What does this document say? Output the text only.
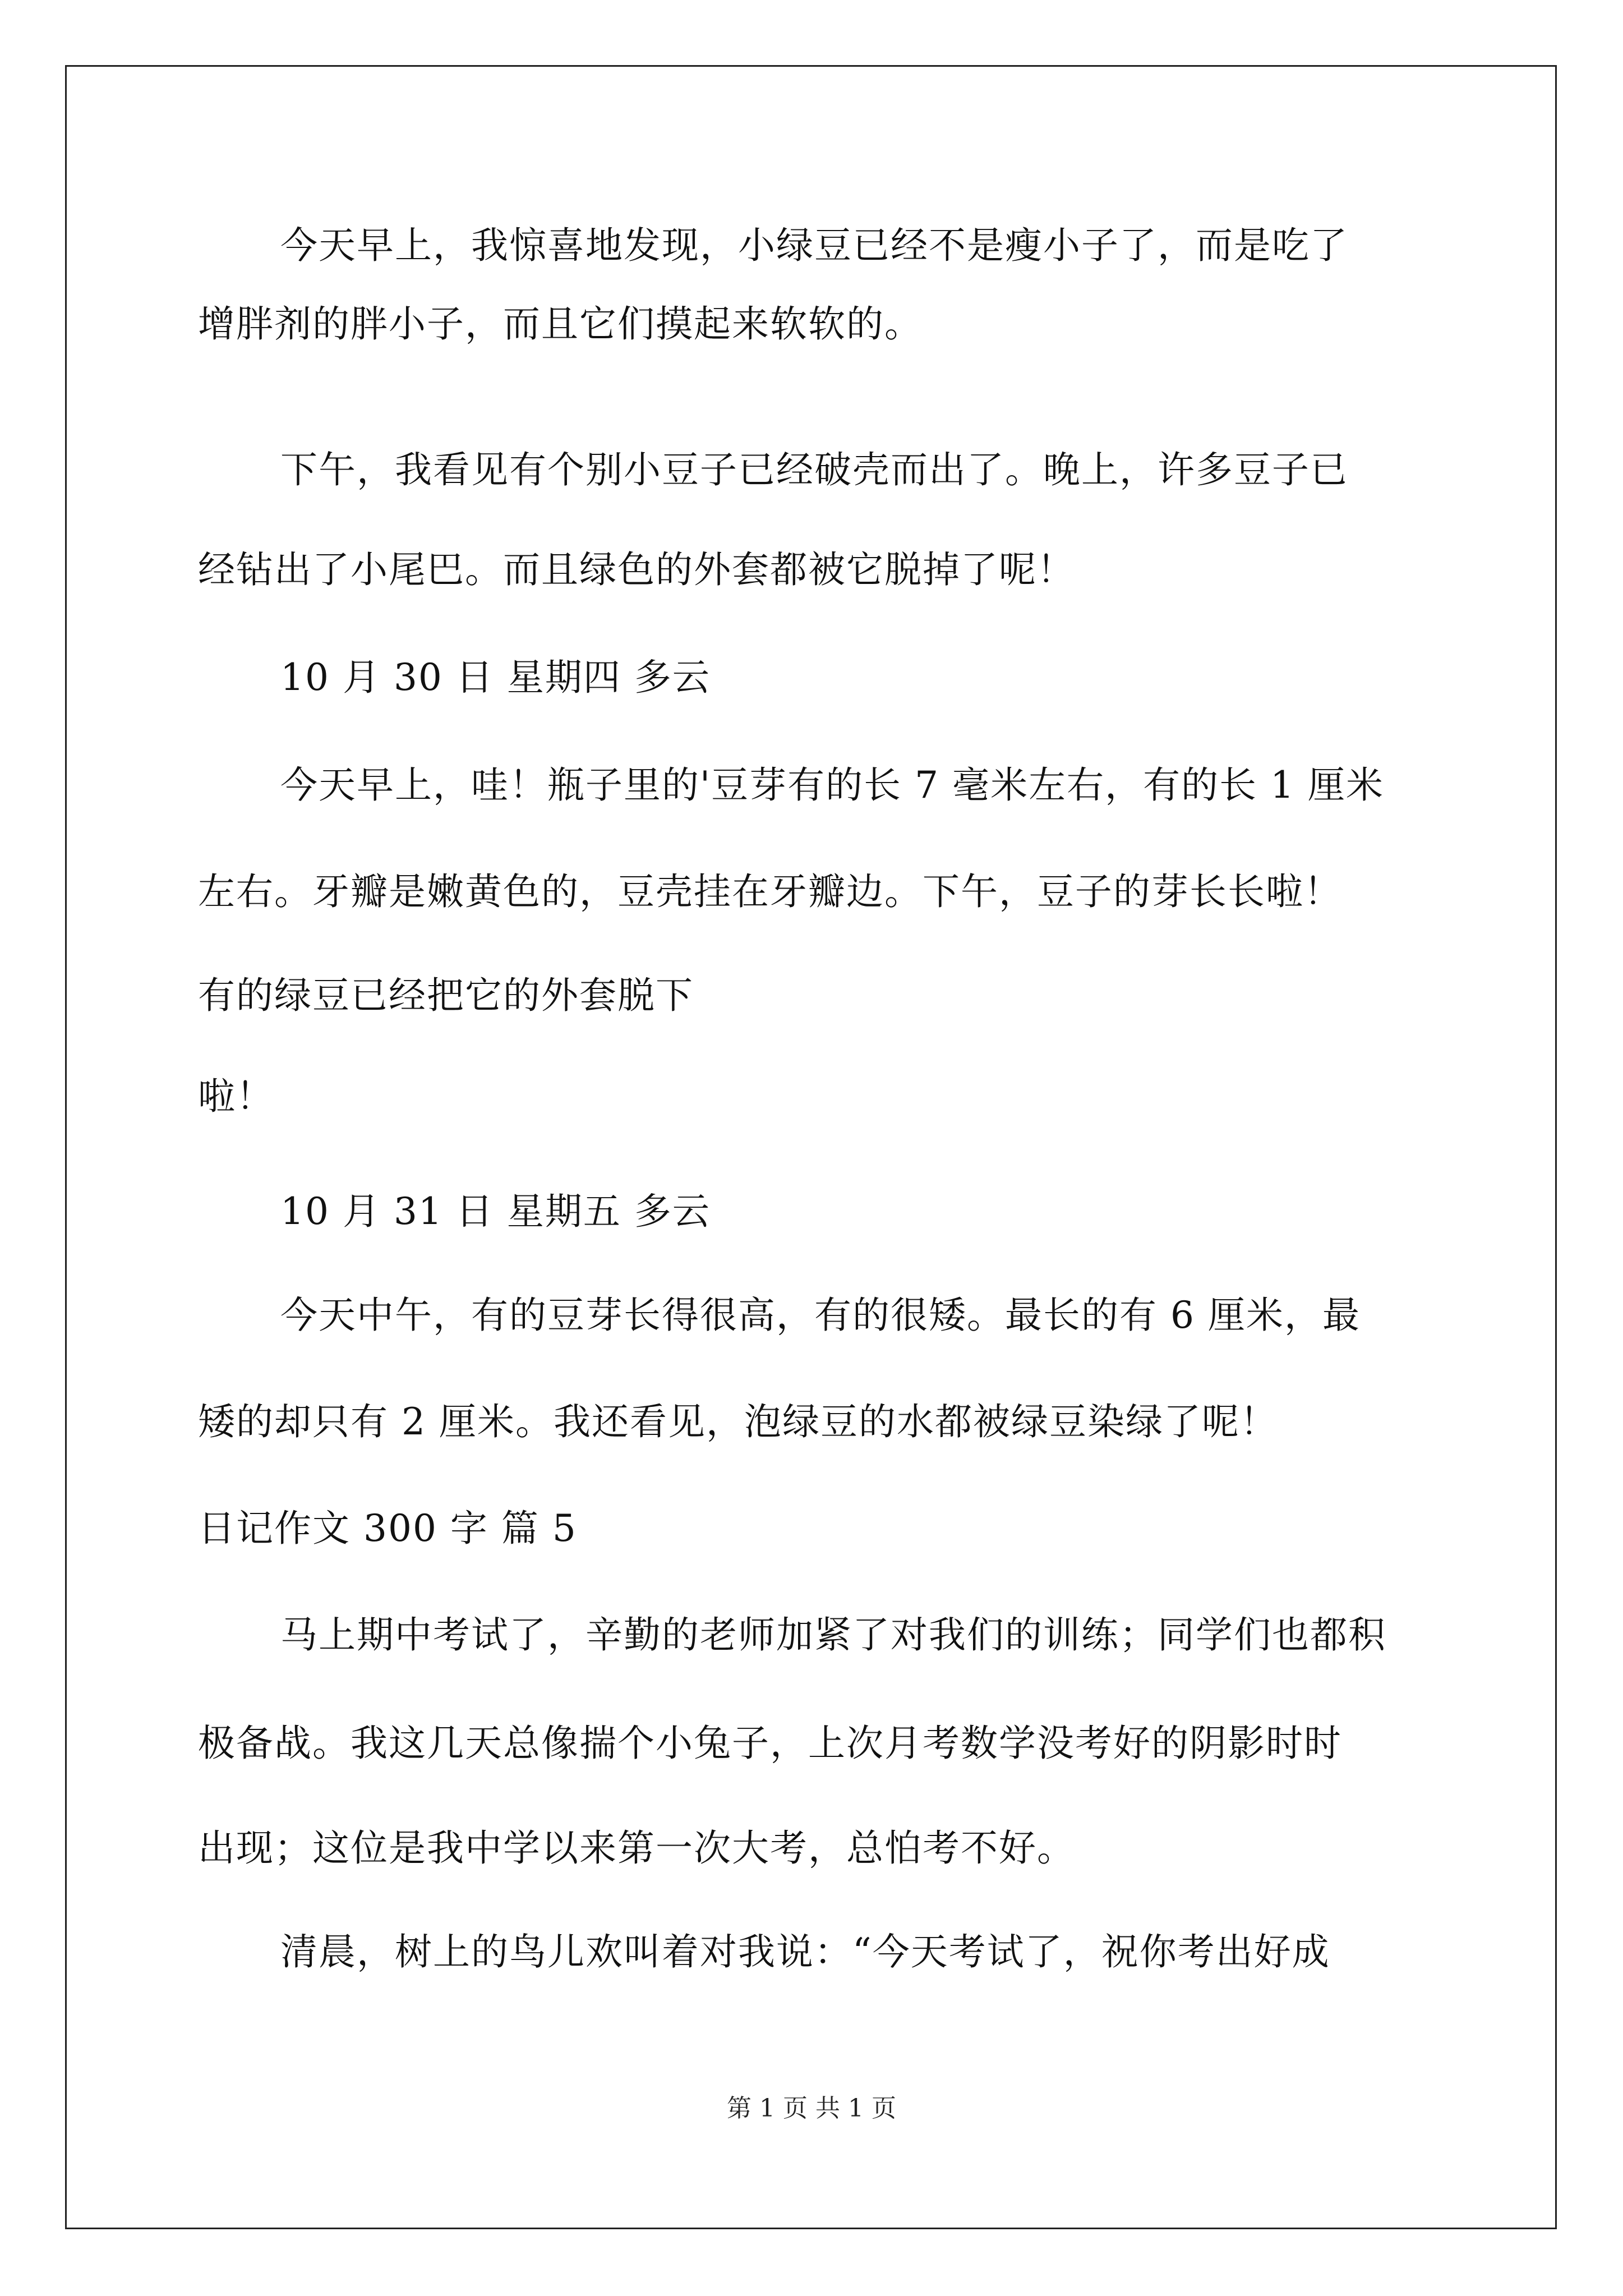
今天早上，我惊喜地发现，小绿豆已经不是瘦小子了，而是吃了
增胖剂的胖小子，而且它们摸起来软软的。
下午，我看见有个别小豆子已经破壳而出了。晚上，许多豆子已
经钻出了小尾巴。而且绿色的外套都被它脱掉了呢！
10 月 30 日 星期四 多云
今天早上，哇！瓶子里的'豆芽有的长 7 毫米左右，有的长 1 厘米
左右。牙瓣是嫩黄色的，豆壳挂在牙瓣边。下午，豆子的芽长长啦！
有的绿豆已经把它的外套脱下
啦！
10 月 31 日 星期五 多云
今天中午，有的豆芽长得很高，有的很矮。最长的有 6 厘米，最
矮的却只有 2 厘米。我还看见，泡绿豆的水都被绿豆染绿了呢！
日记作文 300 字 篇 5
马上期中考试了，辛勤的老师加紧了对我们的训练；同学们也都积
极备战。我这几天总像揣个小兔子，上次月考数学没考好的阴影时时
出现；这位是我中学以来第一次大考，总怕考不好。
清晨，树上的鸟儿欢叫着对我说：“今天考试了，祝你考出好成
第 1 页 共 1 页
